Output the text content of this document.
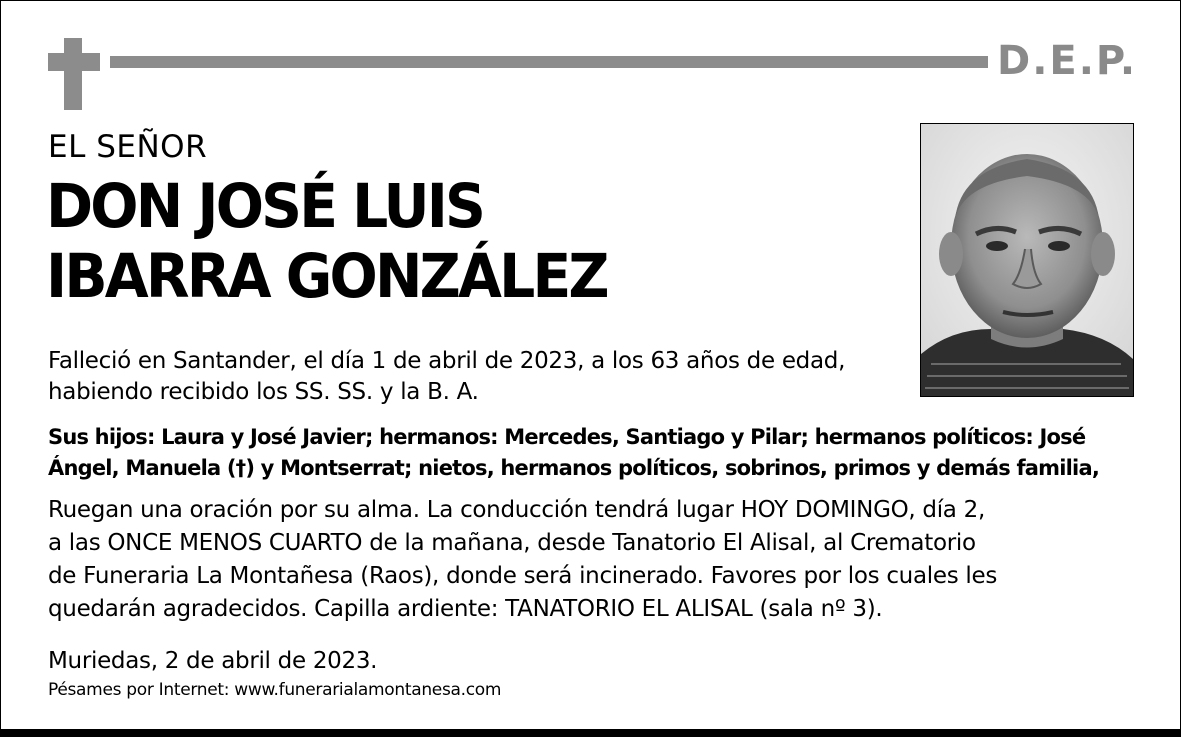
D.E.P.
EL SEÑOR
DON JOSÉ LUIS
IBARRA GONZÁLEZ
Falleció en Santander, el día 1 de abril de 2023, a los 63 años de edad,
habiendo recibido los SS. SS. y la B. A.
Sus hijos: Laura y José Javier; hermanos: Mercedes, Santiago y Pilar; hermanos políticos: José
Ángel, Manuela (†) y Montserrat; nietos, hermanos políticos, sobrinos, primos y demás familia,
Ruegan una oración por su alma. La conducción tendrá lugar HOY DOMINGO, día 2,
a las ONCE MENOS CUARTO de la mañana, desde Tanatorio El Alisal, al Crematorio
de Funeraria La Montañesa (Raos), donde será incinerado. Favores por los cuales les
quedarán agradecidos. Capilla ardiente: TANATORIO EL ALISAL (sala nº 3).
Muriedas, 2 de abril de 2023.
Pésames por Internet: www.funerarialamontanesa.com
